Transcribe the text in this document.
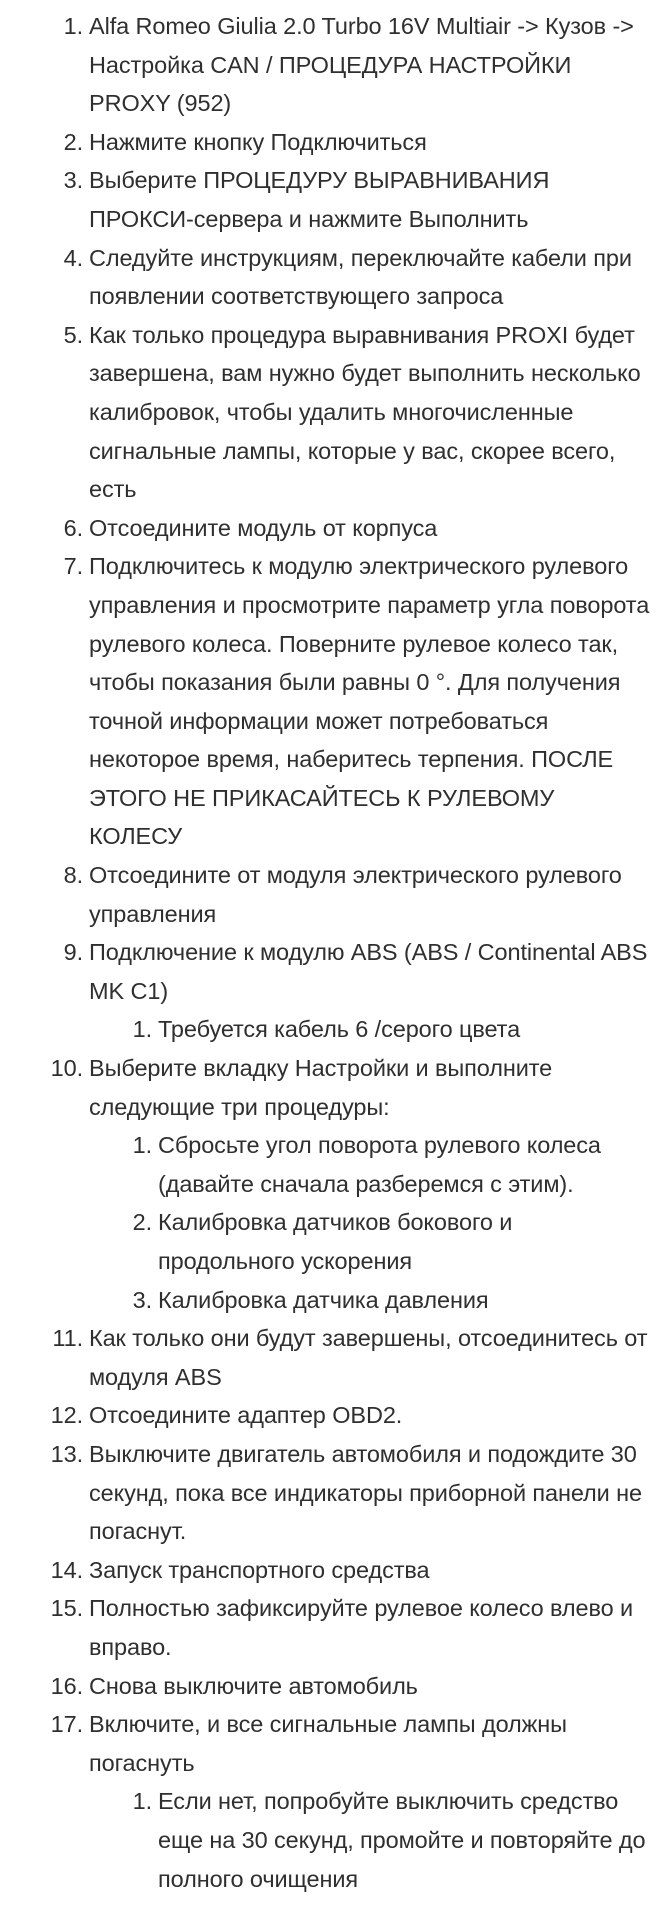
1. Alfa Romeo Giulia 2.0 Turbo 16V Multiair -> Кузов -> Настройка CAN / ПРОЦЕДУРА НАСТРОЙКИ PROXY (952)
2. Нажмите кнопку Подключиться
3. Выберите ПРОЦЕДУРУ ВЫРАВНИВАНИЯ ПРОКСИ-сервера и нажмите Выполнить
4. Следуйте инструкциям, переключайте кабели при появлении соответствующего запроса
5. Как только процедура выравнивания PROXI будет завершена, вам нужно будет выполнить несколько калибровок, чтобы удалить многочисленные сигнальные лампы, которые у вас, скорее всего, есть
6. Отсоедините модуль от корпуса
7. Подключитесь к модулю электрического рулевого управления и просмотрите параметр угла поворота рулевого колеса. Поверните рулевое колесо так, чтобы показания были равны 0 °. Для получения точной информации может потребоваться некоторое время, наберитесь терпения. ПОСЛЕ ЭТОГО НЕ ПРИКАСАЙТЕСЬ К РУЛЕВОМУ КОЛЕСУ
8. Отсоедините от модуля электрического рулевого управления
9. Подключение к модулю ABS (ABS / Continental ABS MK C1)
1. Требуется кабель 6 /серого цвета
10. Выберите вкладку Настройки и выполните следующие три процедуры:
1. Сбросьте угол поворота рулевого колеса (давайте сначала разберемся с этим).
2. Калибровка датчиков бокового и продольного ускорения
3. Калибровка датчика давления
11. Как только они будут завершены, отсоединитесь от модуля ABS
12. Отсоедините адаптер OBD2.
13. Выключите двигатель автомобиля и подождите 30 секунд, пока все индикаторы приборной панели не погаснут.
14. Запуск транспортного средства
15. Полностью зафиксируйте рулевое колесо влево и вправо.
16. Снова выключите автомобиль
17. Включите, и все сигнальные лампы должны погаснуть
1. Если нет, попробуйте выключить средство еще на 30 секунд, промойте и повторяйте до полного очищения
